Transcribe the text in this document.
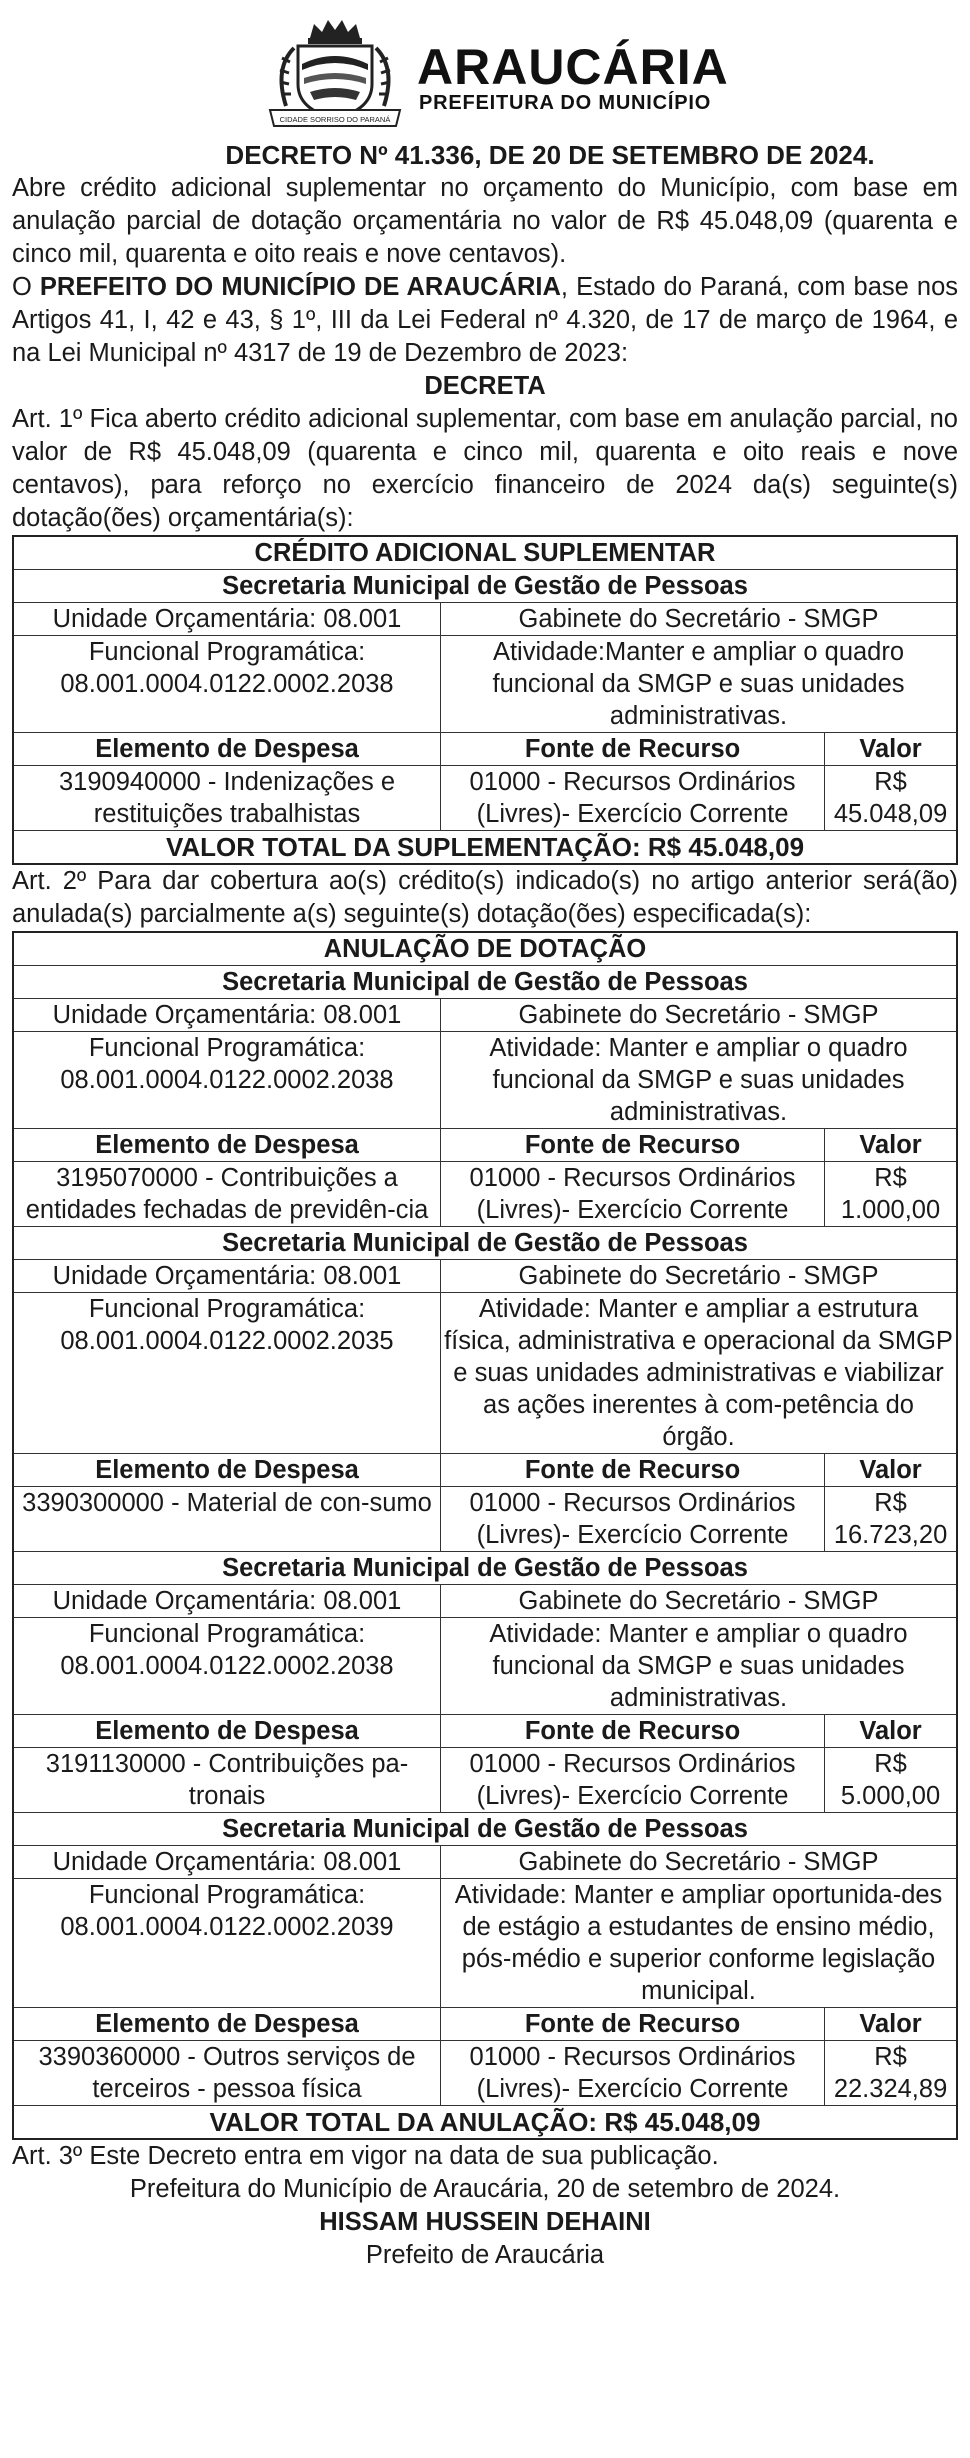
CIDADE SORRISO DO PARANÁ
ARAUCÁRIA
PREFEITURA DO MUNICÍPIO
DECRETO Nº 41.336, DE 20 DE SETEMBRO DE 2024.
Abre crédito adicional suplementar no orçamento do Município, com base em anulação parcial de dotação orçamentária no valor de R$ 45.048,09 (quarenta e cinco mil, quarenta e oito reais e nove centavos).
O PREFEITO DO MUNICÍPIO DE ARAUCÁRIA, Estado do Paraná, com base nos Artigos 41, I, 42 e 43, § 1º, III da Lei Federal nº 4.320, de 17 de março de 1964, e na Lei Municipal nº 4317 de 19 de Dezembro de 2023:
DECRETA
Art. 1º Fica aberto crédito adicional suplementar, com base em anulação parcial, no valor de R$ 45.048,09 (quarenta e cinco mil, quarenta e oito reais e nove centavos), para reforço no exercício financeiro de 2024 da(s) seguinte(s) dotação(ões) orçamentária(s):
CRÉDITO ADICIONAL SUPLEMENTAR		
Secretaria Municipal de Gestão de Pessoas		
Unidade Orçamentária: 08.001	Gabinete do Secretário - SMGP	
Funcional Programática: 08.001.0004.0122.0002.2038	Atividade:Manter e ampliar o quadro funcional da SMGP e suas unidades administrativas.	
Elemento de Despesa	Fonte de Recurso	Valor
3190940000 - Indenizações e restituições trabalhistas	01000 - Recursos Ordinários (Livres)- Exercício Corrente	R$ 45.048,09
VALOR TOTAL DA SUPLEMENTAÇÃO: R$ 45.048,09		
Art. 2º Para dar cobertura ao(s) crédito(s) indicado(s) no artigo anterior será(ão) anulada(s) parcialmente a(s) seguinte(s) dotação(ões) especificada(s):
ANULAÇÃO DE DOTAÇÃO		
Secretaria Municipal de Gestão de Pessoas		
Unidade Orçamentária: 08.001	Gabinete do Secretário - SMGP	
Funcional Programática: 08.001.0004.0122.0002.2038	Atividade: Manter e ampliar o quadro funcional da SMGP e suas unidades administrativas.	
Elemento de Despesa	Fonte de Recurso	Valor
3195070000 - Contribuições a entidades fechadas de previdên-cia	01000 - Recursos Ordinários (Livres)- Exercício Corrente	R$ 1.000,00
Secretaria Municipal de Gestão de Pessoas		
Unidade Orçamentária: 08.001	Gabinete do Secretário - SMGP	
Funcional Programática: 08.001.0004.0122.0002.2035	Atividade: Manter e ampliar a estrutura física, administrativa e operacional da SMGP e suas unidades administrativas e viabilizar as ações inerentes à com-petência do órgão.	
Elemento de Despesa	Fonte de Recurso	Valor
3390300000 - Material de con-sumo	01000 - Recursos Ordinários (Livres)- Exercício Corrente	R$ 16.723,20
Secretaria Municipal de Gestão de Pessoas		
Unidade Orçamentária: 08.001	Gabinete do Secretário - SMGP	
Funcional Programática: 08.001.0004.0122.0002.2038	Atividade: Manter e ampliar o quadro funcional da SMGP e suas unidades administrativas.	
Elemento de Despesa	Fonte de Recurso	Valor
3191130000 - Contribuições pa-tronais	01000 - Recursos Ordinários (Livres)- Exercício Corrente	R$ 5.000,00
Secretaria Municipal de Gestão de Pessoas		
Unidade Orçamentária: 08.001	Gabinete do Secretário - SMGP	
Funcional Programática: 08.001.0004.0122.0002.2039	Atividade: Manter e ampliar oportunida-des de estágio a estudantes de ensino médio, pós-médio e superior conforme legislação municipal.	
Elemento de Despesa	Fonte de Recurso	Valor
3390360000 - Outros serviços de terceiros - pessoa física	01000 - Recursos Ordinários (Livres)- Exercício Corrente	R$ 22.324,89
VALOR TOTAL DA ANULAÇÃO: R$ 45.048,09		
Art. 3º Este Decreto entra em vigor na data de sua publicação.
Prefeitura do Município de Araucária, 20 de setembro de 2024.
HISSAM HUSSEIN DEHAINI
Prefeito de Araucária
